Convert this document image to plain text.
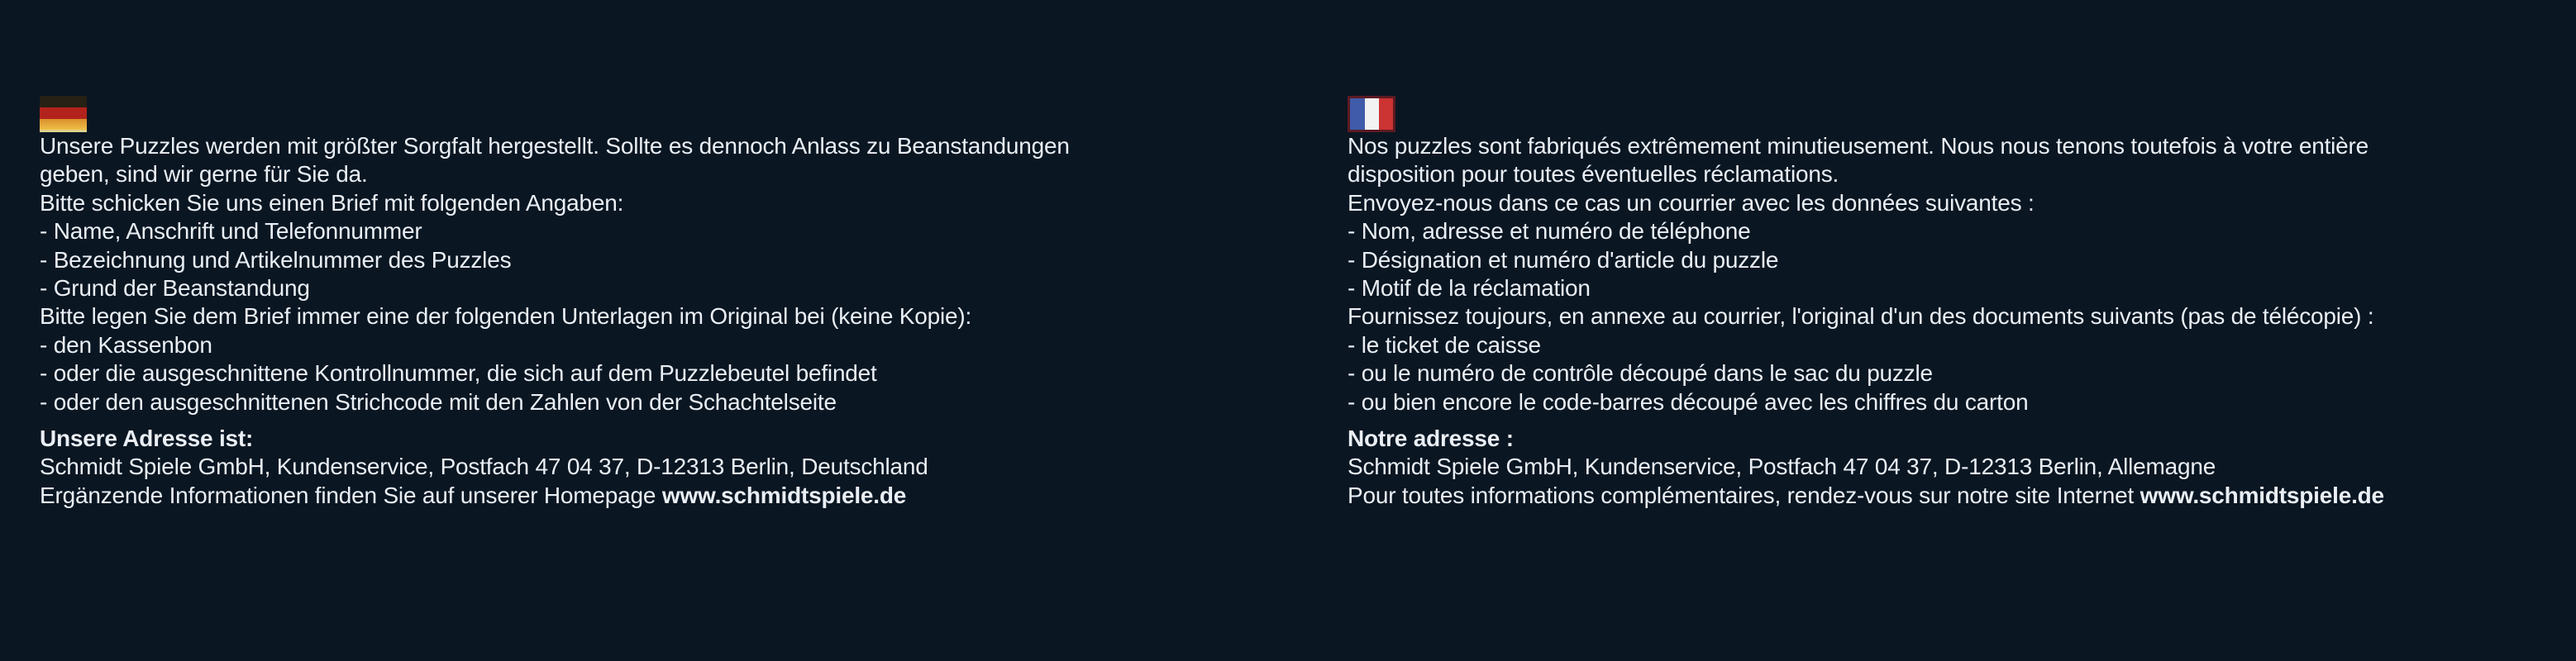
Unsere Puzzles werden mit größter Sorgfalt hergestellt. Sollte es dennoch Anlass zu Beanstandungen
geben, sind wir gerne für Sie da.
Bitte schicken Sie uns einen Brief mit folgenden Angaben:
- Name, Anschrift und Telefonnummer
- Bezeichnung und Artikelnummer des Puzzles
- Grund der Beanstandung
Bitte legen Sie dem Brief immer eine der folgenden Unterlagen im Original bei (keine Kopie):
- den Kassenbon
- oder die ausgeschnittene Kontrollnummer, die sich auf dem Puzzlebeutel befindet
- oder den ausgeschnittenen Strichcode mit den Zahlen von der Schachtelseite
Unsere Adresse ist:
Schmidt Spiele GmbH, Kundenservice, Postfach 47 04 37, D-12313 Berlin, Deutschland
Ergänzende Informationen finden Sie auf unserer Homepage www.schmidtspiele.de
Nos puzzles sont fabriqués extrêmement minutieusement. Nous nous tenons toutefois à votre entière
disposition pour toutes éventuelles réclamations.
Envoyez-nous dans ce cas un courrier avec les données suivantes :
- Nom, adresse et numéro de téléphone
- Désignation et numéro d'article du puzzle
- Motif de la réclamation
Fournissez toujours, en annexe au courrier, l'original d'un des documents suivants (pas de télécopie) :
- le ticket de caisse
- ou le numéro de contrôle découpé dans le sac du puzzle
- ou bien encore le code-barres découpé avec les chiffres du carton
Notre adresse :
Schmidt Spiele GmbH, Kundenservice, Postfach 47 04 37, D-12313 Berlin, Allemagne
Pour toutes informations complémentaires, rendez-vous sur notre site Internet www.schmidtspiele.de
